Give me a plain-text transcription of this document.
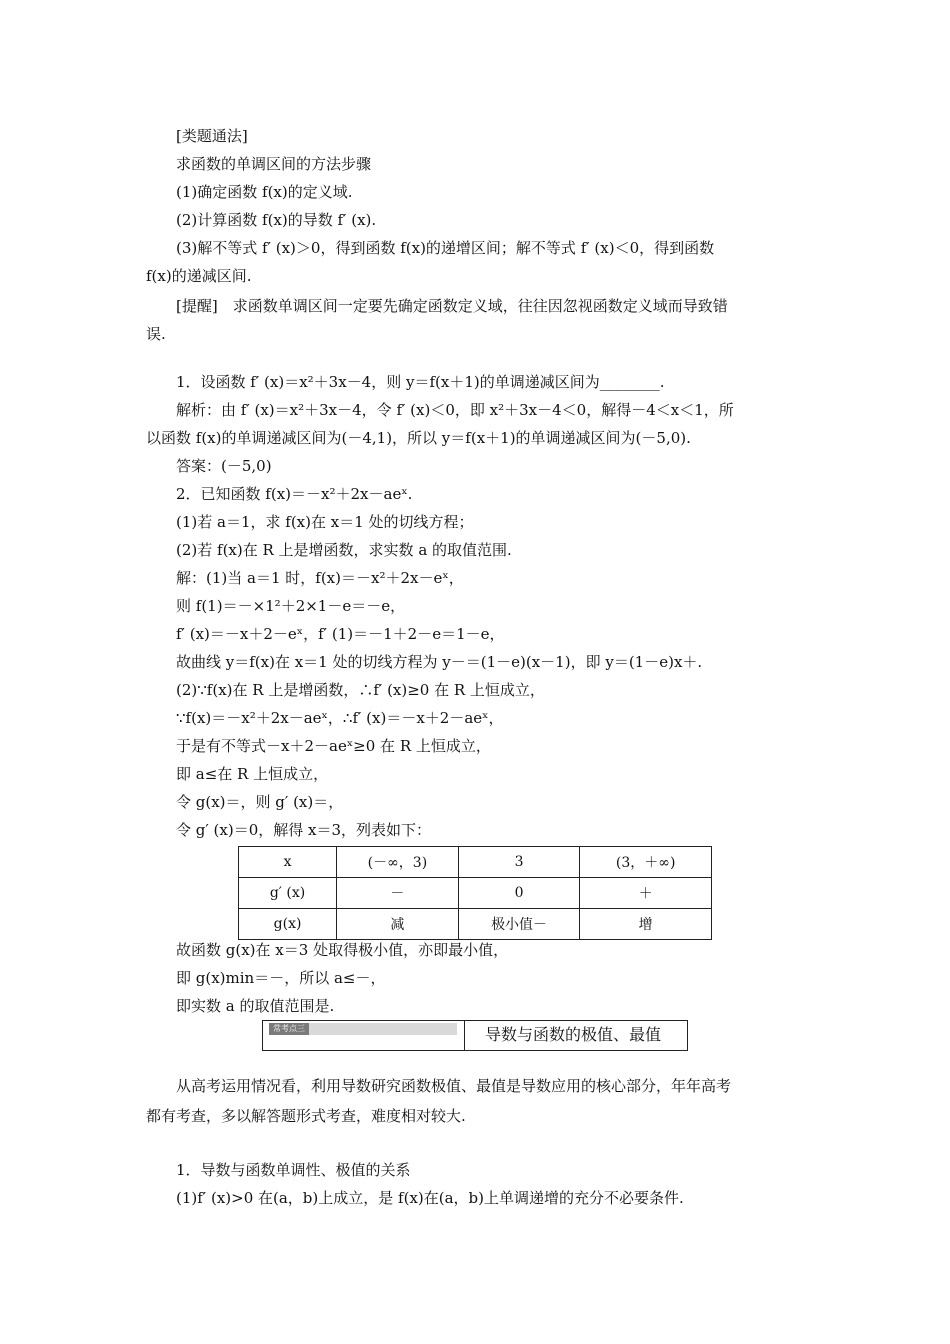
[类题通法]
求函数的单调区间的方法步骤
(1)确定函数 f(x)的定义域.
(2)计算函数 f(x)的导数 f′ (x).
(3)解不等式 f′ (x)＞0，得到函数 f(x)的递增区间；解不等式 f′ (x)＜0，得到函数
f(x)的递减区间.
[提醒]　求函数单调区间一定要先确定函数定义域，往往因忽视函数定义域而导致错
误.
1．设函数 f′ (x)＝x²＋3x－4，则 y＝f(x＋1)的单调递减区间为________.
解析：由 f′ (x)＝x²＋3x－4，令 f′ (x)＜0，即 x²＋3x－4＜0，解得－4＜x＜1，所
以函数 f(x)的单调递减区间为(－4,1)，所以 y＝f(x＋1)的单调递减区间为(－5,0).
答案：(－5,0)
2．已知函数 f(x)＝－x²＋2x－aeˣ.
(1)若 a＝1，求 f(x)在 x＝1 处的切线方程；
(2)若 f(x)在 R 上是增函数，求实数 a 的取值范围.
解：(1)当 a＝1 时，f(x)＝－x²＋2x－eˣ，
则 f(1)＝－×1²＋2×1－e＝－e，
f′ (x)＝－x＋2－eˣ，f′ (1)＝－1＋2－e＝1－e，
故曲线 y＝f(x)在 x＝1 处的切线方程为 y－＝(1－e)(x－1)，即 y＝(1－e)x＋.
(2)∵f(x)在 R 上是增函数，∴f′ (x)≥0 在 R 上恒成立，
∵f(x)＝－x²＋2x－aeˣ，∴f′ (x)＝－x＋2－aeˣ，
于是有不等式－x＋2－aeˣ≥0 在 R 上恒成立，
即 a≤在 R 上恒成立，
令 g(x)＝，则 g′ (x)＝，
令 g′ (x)＝0，解得 x＝3，列表如下：
故函数 g(x)在 x＝3 处取得极小值，亦即最小值，
即 g(x)min＝－，所以 a≤－，
即实数 a 的取值范围是.
从高考运用情况看，利用导数研究函数极值、最值是导数应用的核心部分，年年高考
都有考查，多以解答题形式考查，难度相对较大.
1．导数与函数单调性、极值的关系
(1)f′ (x)>0 在(a，b)上成立，是 f(x)在(a，b)上单调递增的充分不必要条件.
x	(－∞，3)	3	(3，＋∞)
g′ (x)	－	0	＋
g(x)	减	极小值－	增
常考点三	导数与函数的极值、最值
